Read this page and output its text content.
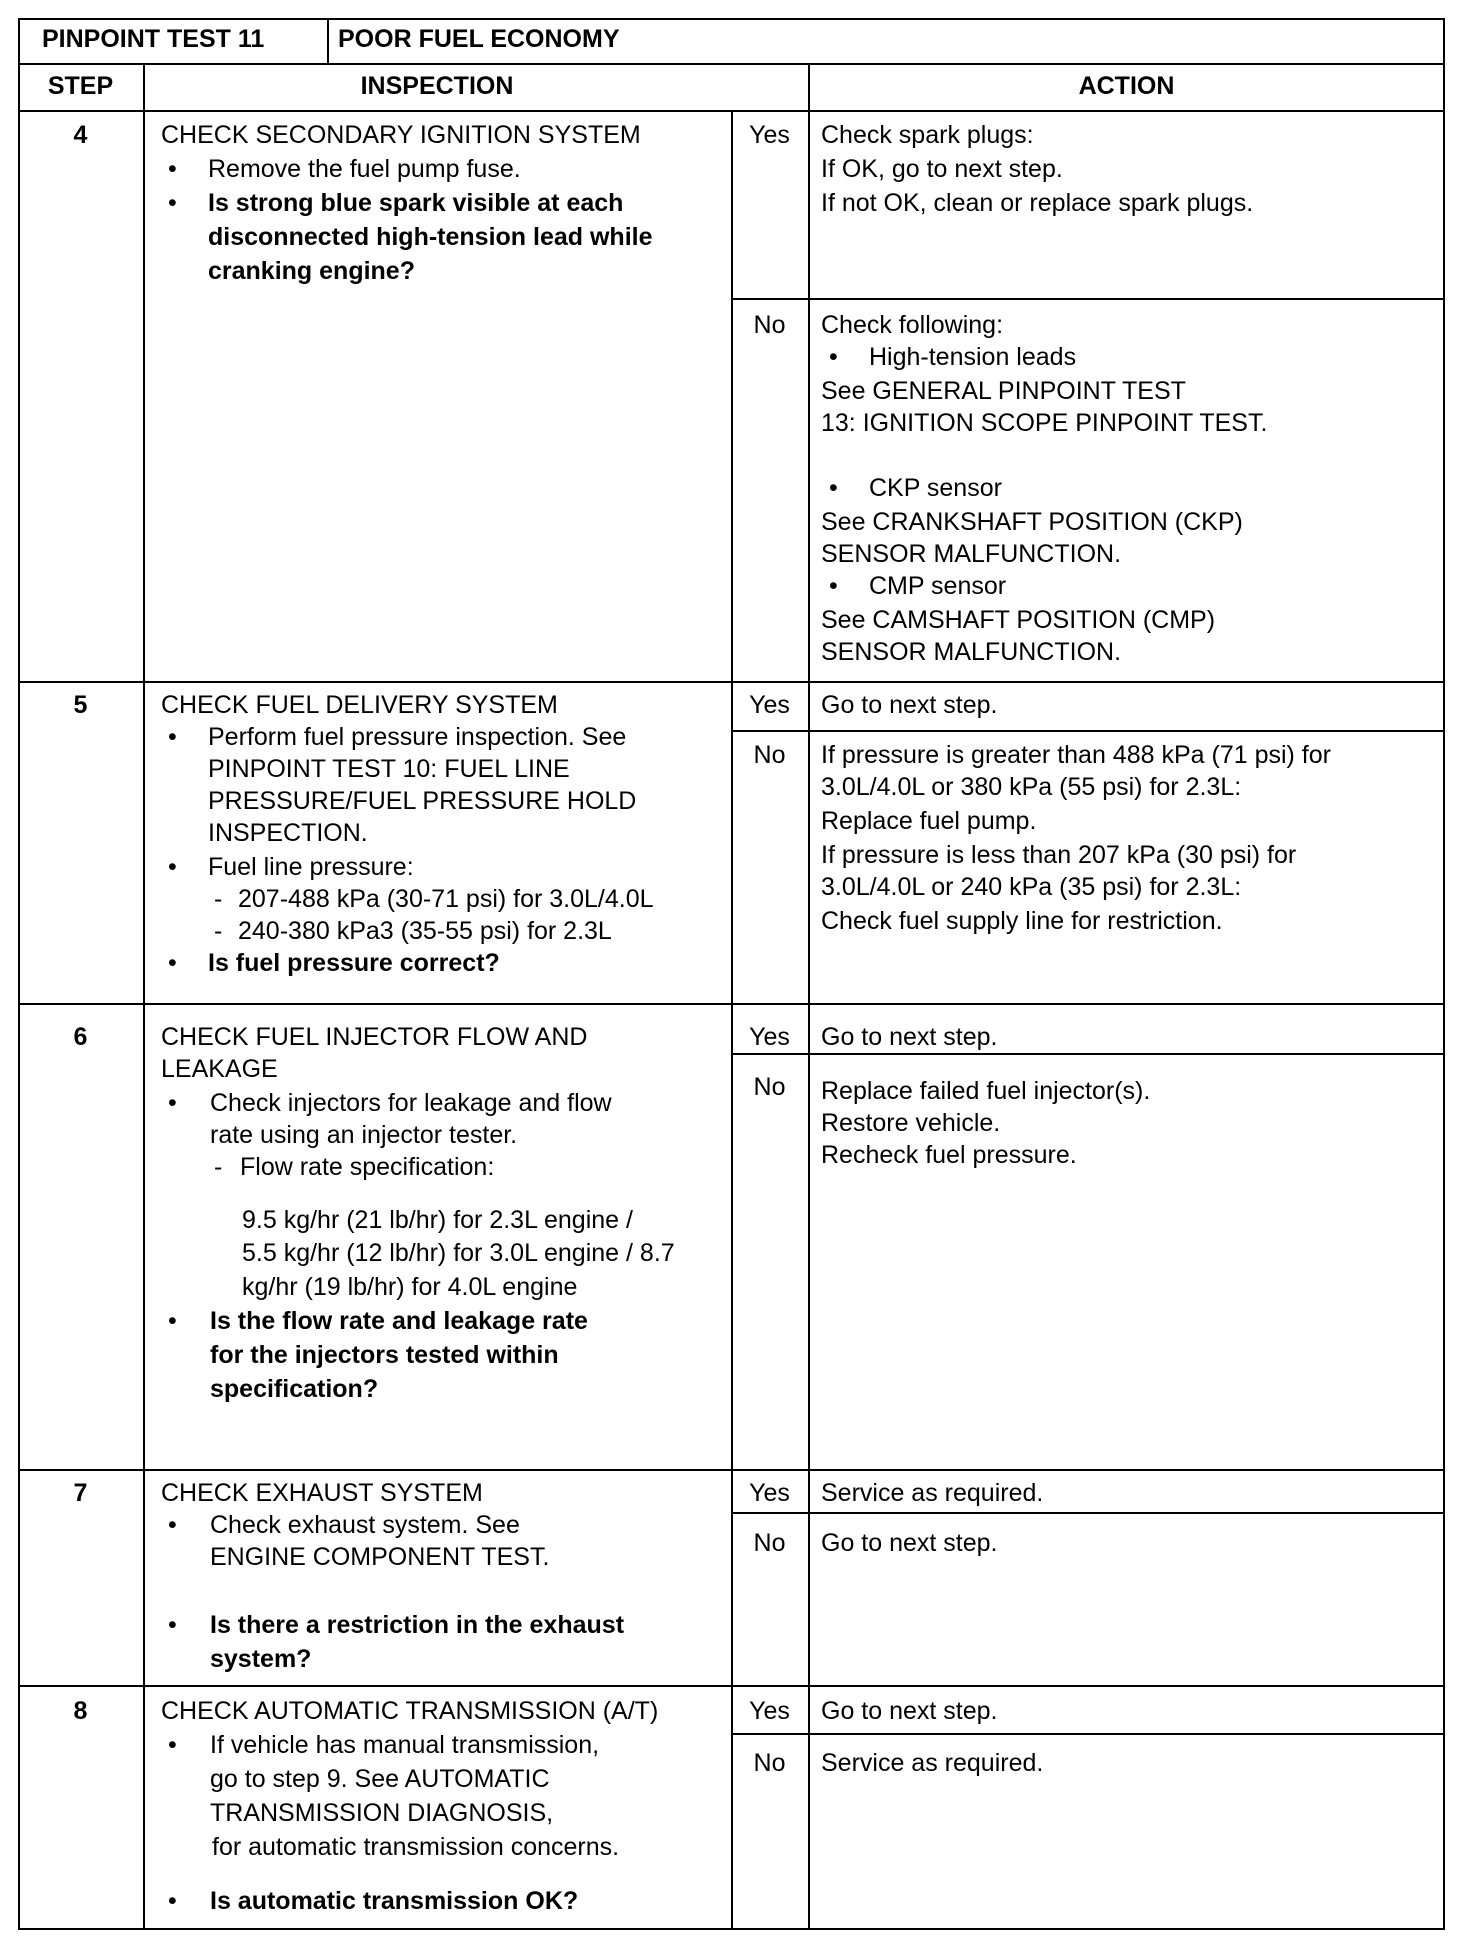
PINPOINT TEST 11	POOR FUEL ECONOMY
STEP	INSPECTION	ACTION
4	CHECK SECONDARY IGNITION SYSTEM
• Remove the fuel pump fuse.
• Is strong blue spark visible at each
disconnected high-tension lead while
cranking engine?
Yes	Check spark plugs:
If OK, go to next step.
If not OK, clean or replace spark plugs.
No	Check following:
• High-tension leads
See GENERAL PINPOINT TEST
13: IGNITION SCOPE PINPOINT TEST.
• CKP sensor
See CRANKSHAFT POSITION (CKP)
SENSOR MALFUNCTION.
• CMP sensor
See CAMSHAFT POSITION (CMP)
SENSOR MALFUNCTION.
5	CHECK FUEL DELIVERY SYSTEM
• Perform fuel pressure inspection. See
PINPOINT TEST 10: FUEL LINE
PRESSURE/FUEL PRESSURE HOLD
INSPECTION.
• Fuel line pressure:
- 207-488 kPa (30-71 psi) for 3.0L/4.0L
- 240-380 kPa3 (35-55 psi) for 2.3L
• Is fuel pressure correct?
Yes	Go to next step.
No	If pressure is greater than 488 kPa (71 psi) for
3.0L/4.0L or 380 kPa (55 psi) for 2.3L:
Replace fuel pump.
If pressure is less than 207 kPa (30 psi) for
3.0L/4.0L or 240 kPa (35 psi) for 2.3L:
Check fuel supply line for restriction.
6	CHECK FUEL INJECTOR FLOW AND
LEAKAGE
• Check injectors for leakage and flow
rate using an injector tester.
- Flow rate specification:
9.5 kg/hr (21 lb/hr) for 2.3L engine /
5.5 kg/hr (12 lb/hr) for 3.0L engine / 8.7
kg/hr (19 lb/hr) for 4.0L engine
• Is the flow rate and leakage rate
for the injectors tested within
specification?
Yes	Go to next step.
No	Replace failed fuel injector(s).
Restore vehicle.
Recheck fuel pressure.
7	CHECK EXHAUST SYSTEM
• Check exhaust system. See
ENGINE COMPONENT TEST.
• Is there a restriction in the exhaust
system?
Yes	Service as required.
No	Go to next step.
8	CHECK AUTOMATIC TRANSMISSION (A/T)
• If vehicle has manual transmission,
go to step 9. See AUTOMATIC
TRANSMISSION DIAGNOSIS,
for automatic transmission concerns.
• Is automatic transmission OK?
Yes	Go to next step.
No	Service as required.
